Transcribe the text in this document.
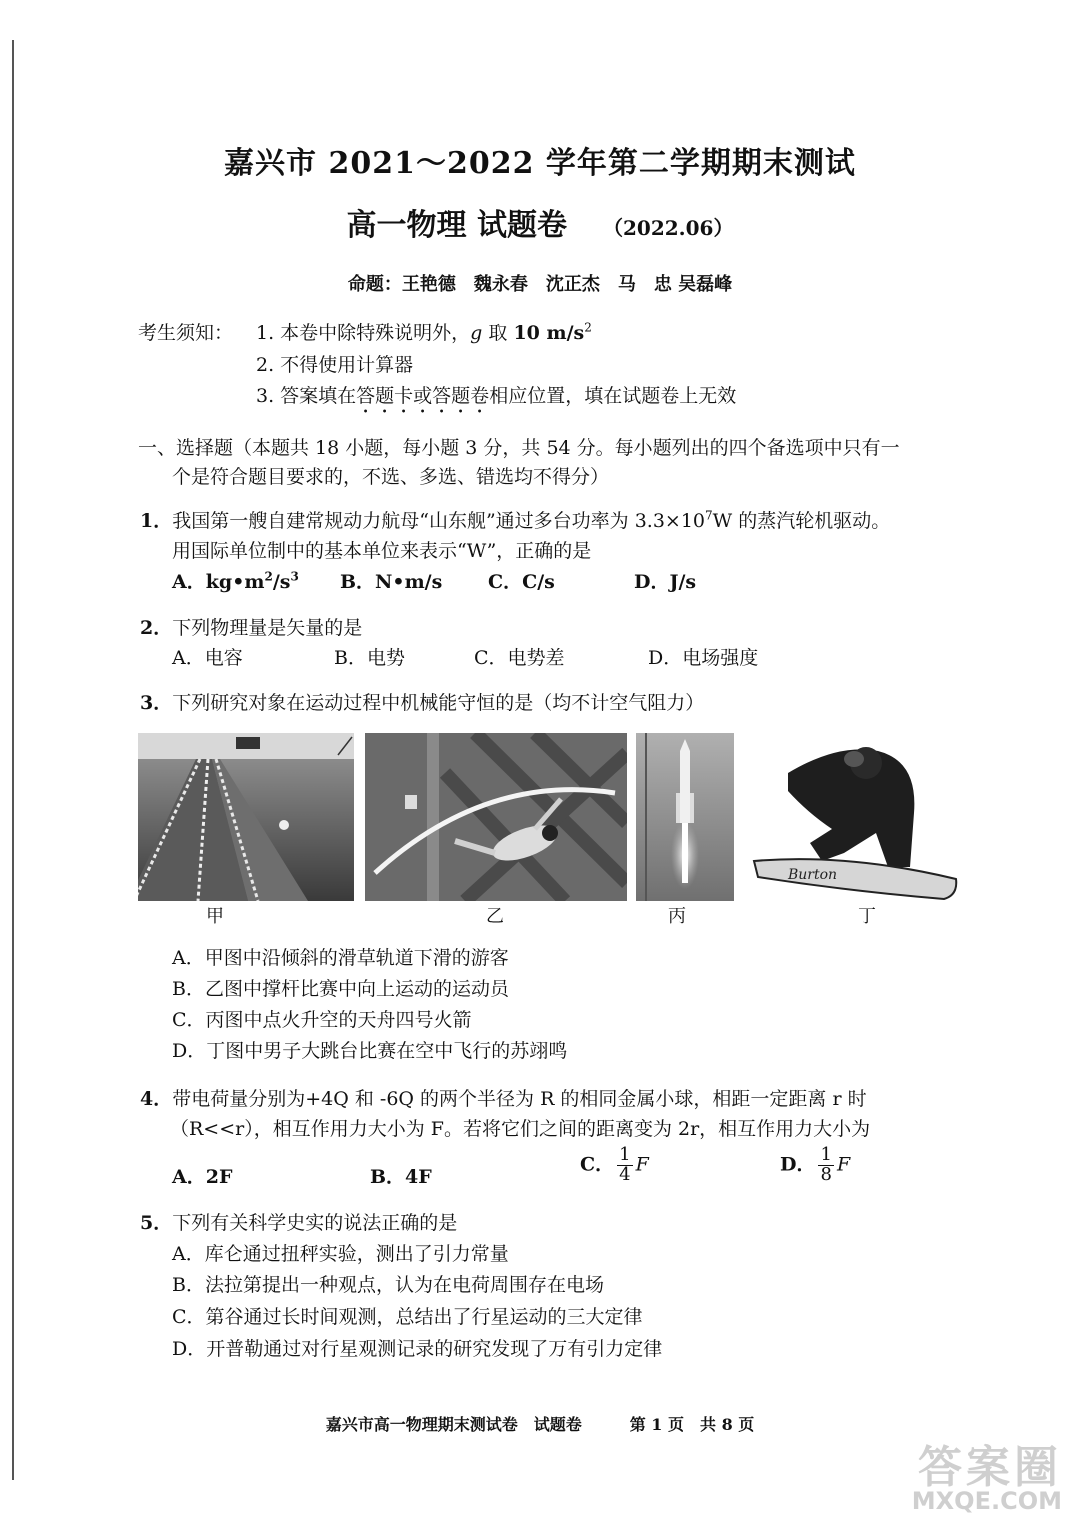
嘉兴市 2021～2022 学年第二学期期末测试
高一物理 试题卷 （2022.06）
命题：王艳德　魏永春　沈正杰　马　忠 吴磊峰
考生须知： 1. 本卷中除特殊说明外，g 取 10 $m/s^2$
2. 不得使用计算器
3. 答案填在答题卡或答题卷相应位置，填在试题卷上无效
一、选择题（本题共 18 小题，每小题 3 分，共 54 分。每小题列出的四个备选项中只有一
个是符合题目要求的，不选、多选、错选均不得分）
1．我国第一艘自建常规动力航母“山东舰”通过多台功率为 $3.3\times 10^7W$ 的蒸汽轮机驱动。
用国际单位制中的基本单位来表示“W”，正确的是
A．$kg•m^2/s^3$ B．N•m/s C．C/s	D．J/s
2．下列物理量是矢量的是
A．电容	B．电势	C．电势差	D．电场强度
3．下列研究对象在运动过程中机械能守恒的是（均不计空气阻力）
Burton
甲	乙	丙	丁
A．甲图中沿倾斜的滑草轨道下滑的游客
B．乙图中撑杆比赛中向上运动的运动员
C．丙图中点火升空的天舟四号火箭
D．丁图中男子大跳台比赛在空中飞行的苏翊鸣
4．带电荷量分别为+4Q 和 -6Q 的两个半径为 R 的相同金属小球，相距一定距离 r 时
（R<<r），相互作用力大小为 F。若将它们之间的距离变为 2r，相互作用力大小为
A．2F	B．4F
C． $\frac{1}{4}$ F	D． $\frac{1}{8}$ F
5．下列有关科学史实的说法正确的是
A．库仑通过扭秤实验，测出了引力常量
B．法拉第提出一种观点，认为在电荷周围存在电场
C．第谷通过长时间观测，总结出了行星运动的三大定律
D．开普勒通过对行星观测记录的研究发现了万有引力定律
嘉兴市高一物理期末测试卷　试题卷　　　第 1 页　共 8 页
答案圈
MXQE.COM
